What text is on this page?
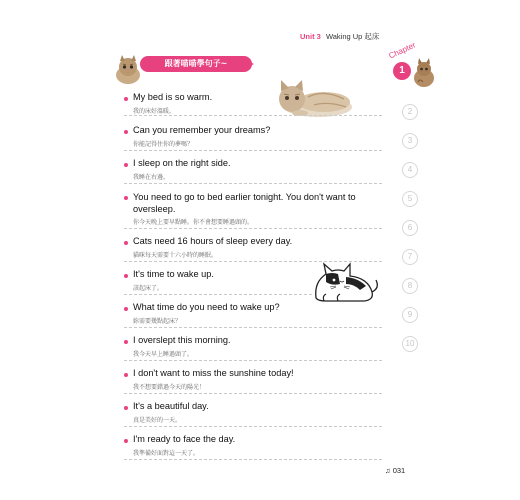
Unit 3 Waking Up 起床
跟著喵喵學句子~
My bed is so warm.
我的床好溫暖。
Can you remember your dreams?
你能記得住你的夢嗎？
I sleep on the right side.
我睡在右邊。
You need to go to bed earlier tonight. You don't want to oversleep.
你今天晚上要早點睡。你不會想要睡過頭的。
Cats need 16 hours of sleep every day.
貓咪每天需要十六小時的睡眠。
It's time to wake up.
該起床了。
What time do you need to wake up?
妳需要幾點起床？
I overslept this morning.
我今天早上睡過頭了。
I don't want to miss the sunshine today!
我不想要錯過今天的陽光！
It's a beautiful day.
真是美好的一天。
I'm ready to face the day.
我準備好面對這一天了。
Chapter
1
2
3
4
5
6
7
8
9
10
♫ 031
